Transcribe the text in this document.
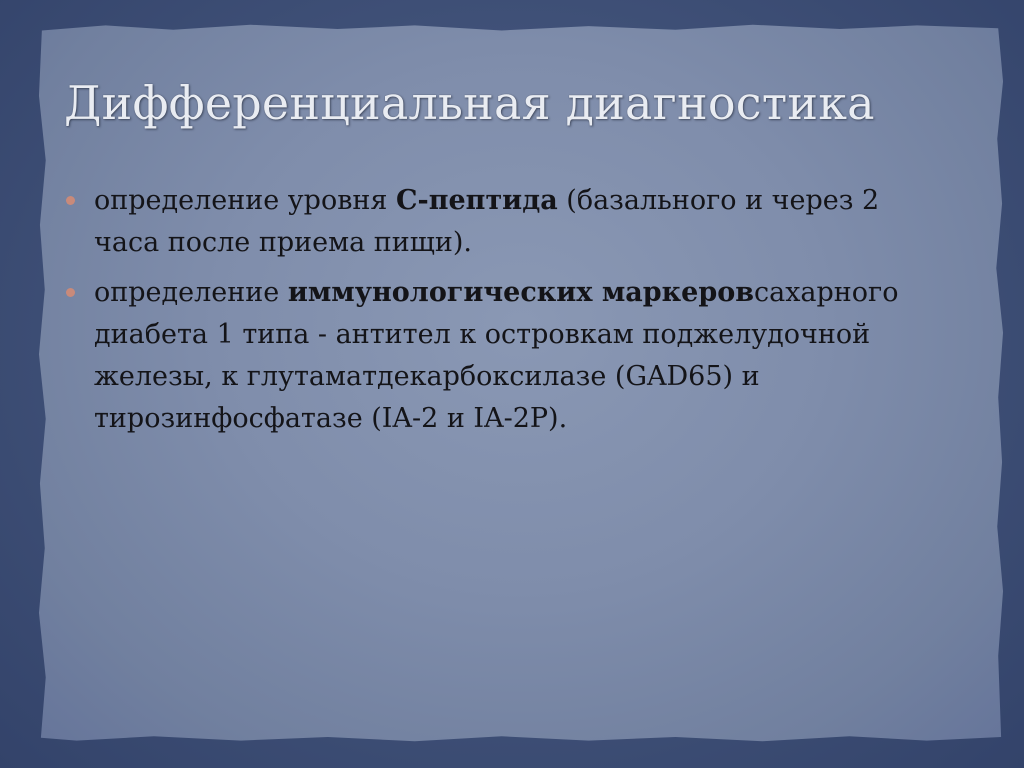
Дифференциальная диагностика
определение уровня С-пептида (базального и через 2 часа после приема пищи).
определение иммунологических маркеровсахарного диабета 1 типа - антител к островкам поджелудочной железы, к глутаматдекарбоксилазе (GAD65) и тирозинфосфатазе (IA-2 и IA-2P).
